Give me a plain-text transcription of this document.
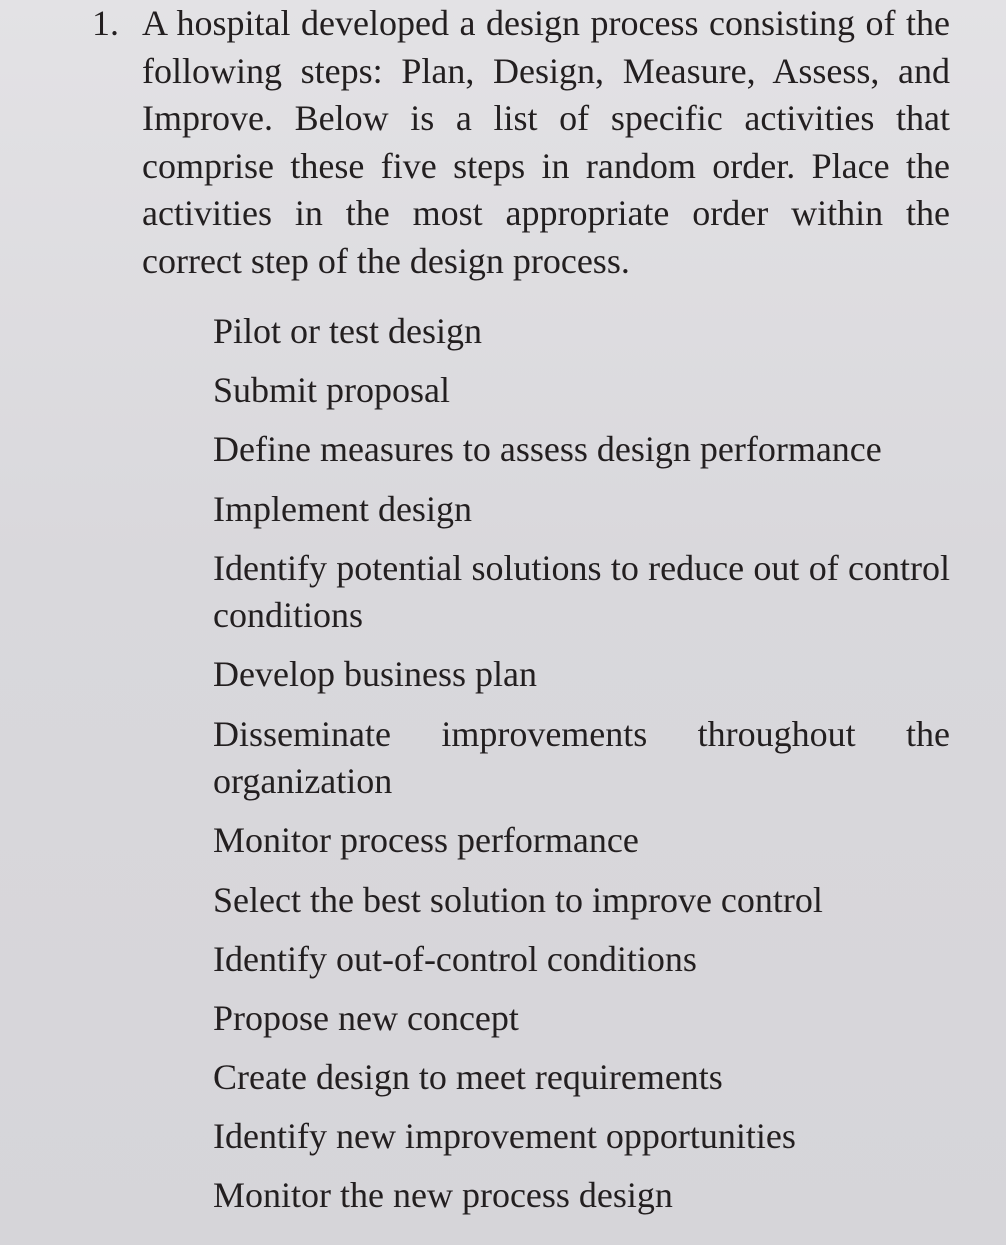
1. A hospital developed a design process consisting of the following steps: Plan, Design, Measure, Assess, and Improve. Below is a list of specific activities that comprise these five steps in random order. Place the activities in the most appropriate order within the correct step of the design process.

Pilot or test design
Submit proposal
Define measures to assess design performance
Implement design
Identify potential solutions to reduce out of control conditions
Develop business plan
Disseminate improvements throughout the organization
Monitor process performance
Select the best solution to improve control
Identify out-of-control conditions
Propose new concept
Create design to meet requirements
Identify new improvement opportunities
Monitor the new process design
